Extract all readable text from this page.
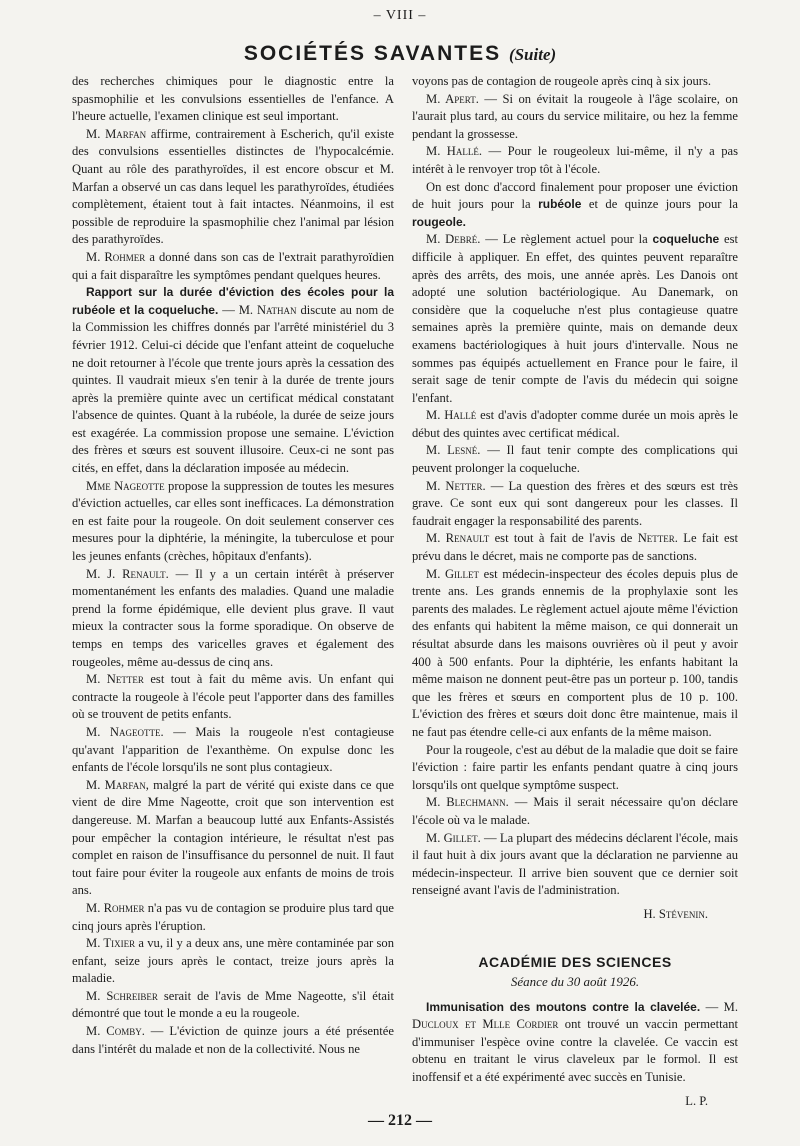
– VIII –
SOCIÉTÉS SAVANTES (Suite)

des recherches chimiques pour le diagnostic entre la spasmophilie et les convulsions essentielles de l'enfance. A l'heure actuelle, l'examen clinique est seul important.

M. Marfan affirme, contrairement à Escherich, qu'il existe des convulsions essentielles distinctes de l'hypocalcémie. Quant au rôle des parathyroïdes, il est encore obscur et M. Marfan a observé un cas dans lequel les parathyroïdes, étudiées complètement, étaient tout à fait intactes. Néanmoins, il est possible de reproduire la spasmophilie chez l'animal par lésion des parathyroïdes.

M. Rohmer a donné dans son cas de l'extrait parathyroïdien qui a fait disparaître les symptômes pendant quelques heures.

Rapport sur la durée d'éviction des écoles pour la rubéole et la coqueluche. — M. Nathan discute au nom de la Commission les chiffres donnés par l'arrêté ministériel du 3 février 1912. Celui-ci décide que l'enfant atteint de coqueluche ne doit retourner à l'école que trente jours après la cessation des quintes. Il vaudrait mieux s'en tenir à la durée de trente jours après la première quinte avec un certificat médical constatant l'absence de quintes. Quant à la rubéole, la durée de seize jours est exagérée. La commission propose une semaine. L'éviction des frères et sœurs est souvent illusoire. Ceux-ci ne sont pas cités, en effet, dans la déclaration imposée au médecin.

Mme Nageotte propose la suppression de toutes les mesures d'éviction actuelles, car elles sont inefficaces. La démonstration en est faite pour la rougeole. On doit seulement conserver ces mesures pour la diphtérie, la méningite, la tuberculose et pour les jeunes enfants (crèches, hôpitaux d'enfants).

M. J. Renault. — Il y a un certain intérêt à préserver momentanément les enfants des maladies. Quand une maladie prend la forme épidémique, elle devient plus grave. Il vaut mieux la contracter sous la forme sporadique. On observe de temps en temps des varicelles graves et également des rougeoles, même au-dessus de cinq ans.

M. Netter est tout à fait du même avis. Un enfant qui contracte la rougeole à l'école peut l'apporter dans des familles où se trouvent de petits enfants.

M. Nageotte. — Mais la rougeole n'est contagieuse qu'avant l'apparition de l'exanthème. On expulse donc les enfants de l'école lorsqu'ils ne sont plus contagieux.

M. Marfan, malgré la part de vérité qui existe dans ce que vient de dire Mme Nageotte, croit que son intervention est dangereuse. M. Marfan a beaucoup lutté aux Enfants-Assistés pour empêcher la contagion intérieure, le résultat n'est pas complet en raison de l'insuffisance du personnel de nuit. Il faut tout faire pour éviter la rougeole aux enfants de moins de trois ans.

M. Rohmer n'a pas vu de contagion se produire plus tard que cinq jours après l'éruption.

M. Tixier a vu, il y a deux ans, une mère contaminée par son enfant, seize jours après le contact, treize jours après la maladie.

M. Schreiber serait de l'avis de Mme Nageotte, s'il était démontré que tout le monde a eu la rougeole.

M. Comby. — L'éviction de quinze jours a été présentée dans l'intérêt du malade et non de la collectivité. Nous ne

voyons pas de contagion de rougeole après cinq à six jours.

M. Apert. — Si on évitait la rougeole à l'âge scolaire, on l'aurait plus tard, au cours du service militaire, ou hez la femme pendant la grossesse.

M. Hallé. — Pour le rougeoleux lui-même, il n'y a pas intérêt à le renvoyer trop tôt à l'école.

On est donc d'accord finalement pour proposer une éviction de huit jours pour la rubéole et de quinze jours pour la rougeole.

M. Debré. — Le règlement actuel pour la coqueluche est difficile à appliquer. En effet, des quintes peuvent reparaître après des arrêts, des mois, une année après. Les Danois ont adopté une solution bactériologique. Au Danemark, on considère que la coqueluche n'est plus contagieuse quatre semaines après la première quinte, mais on demande deux examens bactériologiques à huit jours d'intervalle. Nous ne sommes pas équipés actuellement en France pour le faire, il serait sage de tenir compte de l'avis du médecin qui soigne l'enfant.

M. Hallé est d'avis d'adopter comme durée un mois après le début des quintes avec certificat médical.

M. Lesné. — Il faut tenir compte des complications qui peuvent prolonger la coqueluche.

M. Netter. — La question des frères et des sœurs est très grave. Ce sont eux qui sont dangereux pour les classes. Il faudrait engager la responsabilité des parents.

M. Renault est tout à fait de l'avis de Netter. Le fait est prévu dans le décret, mais ne comporte pas de sanctions.

M. Gillet est médecin-inspecteur des écoles depuis plus de trente ans. Les grands ennemis de la prophylaxie sont les parents des malades. Le règlement actuel ajoute même l'éviction des enfants qui habitent la même maison, ce qui donnerait un résultat absurde dans les maisons ouvrières où il peut y avoir 400 à 500 enfants. Pour la diphtérie, les enfants habitant la même maison ne donnent peut-être pas un porteur p. 100, tandis que les frères et sœurs en comportent plus de 10 p. 100. L'éviction des frères et sœurs doit donc être maintenue, mais il ne faut pas étendre celle-ci aux enfants de la même maison.

Pour la rougeole, c'est au début de la maladie que doit se faire l'éviction : faire partir les enfants pendant quatre à cinq jours lorsqu'ils ont quelque symptôme suspect.

M. Blechmann. — Mais il serait nécessaire qu'on déclare l'école où va le malade.

M. Gillet. — La plupart des médecins déclarent l'école, mais il faut huit à dix jours avant que la déclaration ne parvienne au médecin-inspecteur. Il arrive bien souvent que ce dernier soit renseigné avant l'avis de l'administration.

H. Stévenin.

ACADÉMIE DES SCIENCES
Séance du 30 août 1926.

Immunisation des moutons contre la clavelée. — M. Ducloux et Mlle Cordier ont trouvé un vaccin permettant d'immuniser l'espèce ovine contre la clavelée. Ce vaccin est obtenu en traitant le virus claveleux par le formol. Il est inoffensif et a été expérimenté avec succès en Tunisie.

L. P.

— 212 —
